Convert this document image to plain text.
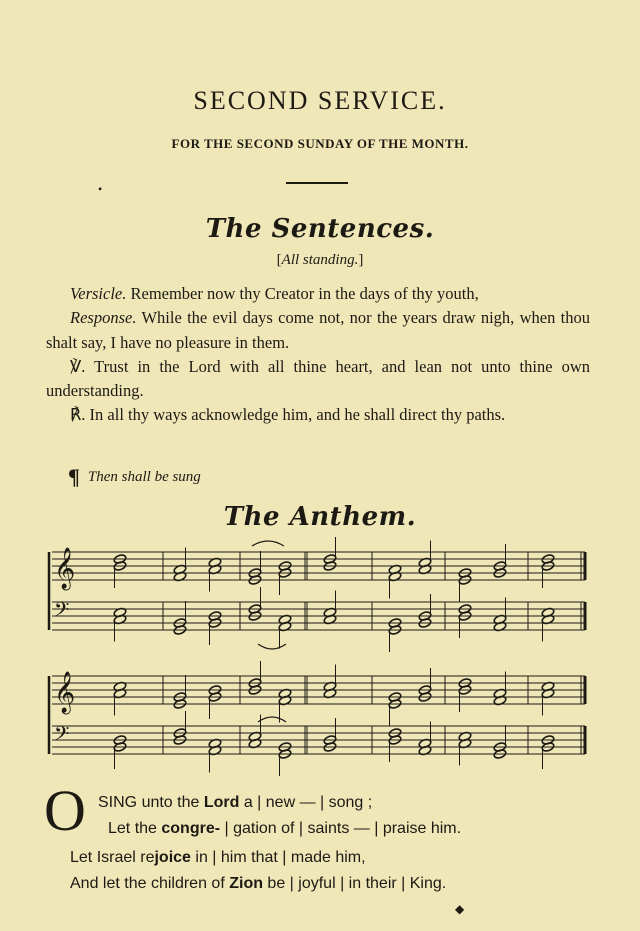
SECOND SERVICE.
FOR THE SECOND SUNDAY OF THE MONTH.
•
The Sentences.
[All standing.]

Versicle. Remember now thy Creator in the days of thy youth,

Response. While the evil days come not, nor the years draw nigh, when thou shalt say, I have no pleasure in them.

℣. Trust in the Lord with all thine heart, and lean not unto thine own understanding.

℟. In all thy ways acknowledge him, and he shall direct thy paths.

¶ Then shall be sung
The Anthem.
𝄞
𝄢
𝄞
𝄢
O SING unto the Lord a | new — | song ;
Let the congre- | gation of | saints — | praise him.
Let Israel rejoice in | him that | made him,
And let the children of Zion be | joyful | in their | King.
◆
